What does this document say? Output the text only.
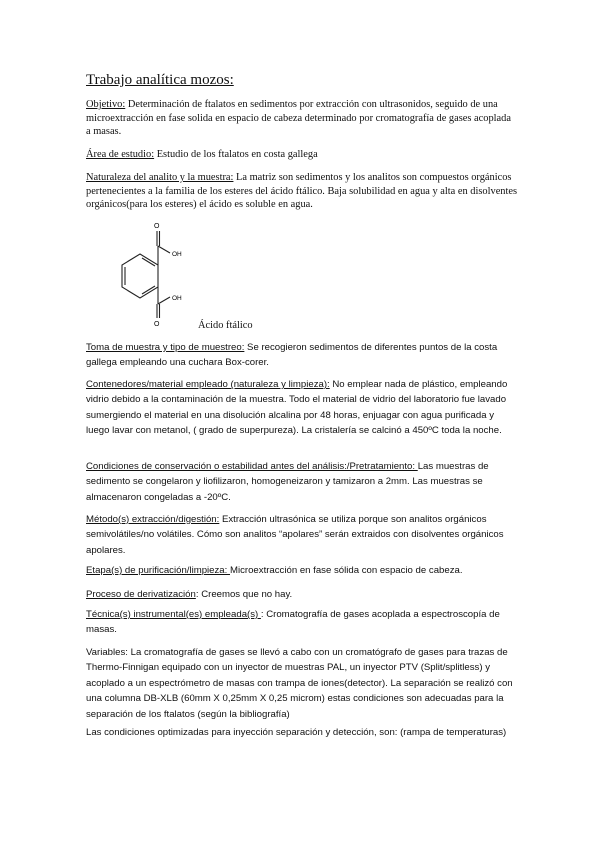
Trabajo analítica mozos:

Objetivo: Determinación de ftalatos en sedimentos por extracción con ultrasonidos, seguido de una microextracción en fase solida en espacio de cabeza determinado por cromatografía de gases acoplada a masas.

Área de estudio: Estudio de los ftalatos en costa gallega

Naturaleza del analito y la muestra: La matriz son sedimentos y los analitos son compuestos orgánicos pertenecientes a la familia de los esteres del ácido ftálico. Baja solubilidad en agua y alta en disolventes orgánicos(para los esteres) el ácido es soluble en agua.

O
OH
OH
O	Ácido ftálico

Toma de muestra y tipo de muestreo: Se recogieron sedimentos de diferentes puntos de la costa gallega empleando una cuchara Box-corer.

Contenedores/material empleado (naturaleza y limpieza): No emplear nada de plástico, empleando vidrio debido a la contaminación de la muestra. Todo el material de vidrio del laboratorio fue lavado sumergiendo el material en una disolución alcalina por 48 horas, enjuagar con agua purificada y luego lavar con metanol, ( grado de superpureza). La cristalería se calcinó a 450ºC toda la noche.

Condiciones de conservación o estabilidad antes del análisis:/Pretratamiento: Las muestras de sedimento se congelaron y liofilizaron, homogeneizaron y tamizaron a 2mm. Las muestras se almacenaron congeladas a -20ºC.

Método(s) extracción/digestión: Extracción ultrasónica se utiliza porque son analitos orgánicos semivolátiles/no volátiles. Cómo son analitos “apolares” serán extraidos con disolventes orgánicos apolares.

Etapa(s) de purificación/limpieza: Microextracción en fase sólida con espacio de cabeza.

Proceso de derivatización: Creemos que no hay.

Técnica(s) instrumental(es) empleada(s) : Cromatografía de gases acoplada a espectroscopía de masas.

Variables: La cromatografía de gases se llevó a cabo con un cromatógrafo de gases para trazas de Thermo-Finnigan equipado con un inyector de muestras PAL, un inyector PTV (Split/splitless) y acoplado a un espectrómetro de masas con trampa de iones(detector). La separación se realizó con una columna DB-XLB (60mm X 0,25mm X 0,25 microm) estas condiciones son adecuadas para la separación de los ftalatos (según la bibliografía)

Las condiciones optimizadas para inyección separación y detección, son: (rampa de temperaturas)
